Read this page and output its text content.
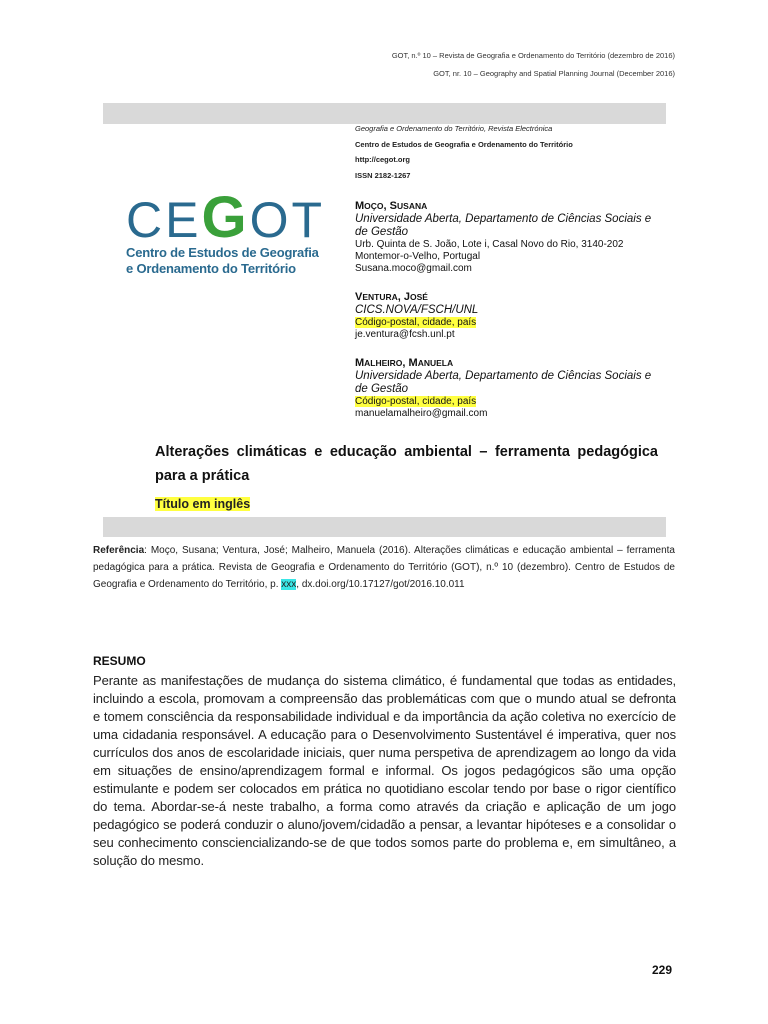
GOT, n.º 10 – Revista de Geografia e Ordenamento do Território (dezembro de 2016)
GOT, nr. 10 – Geography and Spatial Planning Journal (December 2016)
Geografia e Ordenamento do Território, Revista Electrónica
Centro de Estudos de Geografia e Ordenamento do Território
http://cegot.org
ISSN 2182-1267
CEGOT
Centro de Estudos de Geografia
e Ordenamento do Território
MOÇO, SUSANA
Universidade Aberta, Departamento de Ciências Sociais e de Gestão
Urb. Quinta de S. João, Lote i, Casal Novo do Rio, 3140-202 Montemor-o-Velho, Portugal
Susana.moco@gmail.com
VENTURA, JOSÉ
CICS.NOVA/FSCH/UNL
Código-postal, cidade, país
je.ventura@fcsh.unl.pt
MALHEIRO, MANUELA
Universidade Aberta, Departamento de Ciências Sociais e de Gestão
Código-postal, cidade, país
manuelamalheiro@gmail.com
Alterações climáticas e educação ambiental – ferramenta pedagógica para a prática
Título em inglês
Referência: Moço, Susana; Ventura, José; Malheiro, Manuela (2016). Alterações climáticas e educação ambiental – ferramenta pedagógica para a prática. Revista de Geografia e Ordenamento do Território (GOT), n.º 10 (dezembro). Centro de Estudos de Geografia e Ordenamento do Território, p. xxx, dx.doi.org/10.17127/got/2016.10.011
RESUMO
Perante as manifestações de mudança do sistema climático, é fundamental que todas as entidades, incluindo a escola, promovam a compreensão das problemáticas com que o mundo atual se defronta e tomem consciência da responsabilidade individual e da importância da ação coletiva no exercício de uma cidadania responsável. A educação para o Desenvolvimento Sustentável é imperativa, quer nos currículos dos anos de escolaridade iniciais, quer numa perspetiva de aprendizagem ao longo da vida em situações de ensino/aprendizagem formal e informal. Os jogos pedagógicos são uma opção estimulante e podem ser colocados em prática no quotidiano escolar tendo por base o rigor científico do tema. Abordar-se-á neste trabalho, a forma como através da criação e aplicação de um jogo pedagógico se poderá conduzir o aluno/jovem/cidadão a pensar, a levantar hipóteses e a consolidar o seu conhecimento consciencializando-se de que todos somos parte do problema e, em simultâneo, a solução do mesmo.
229
